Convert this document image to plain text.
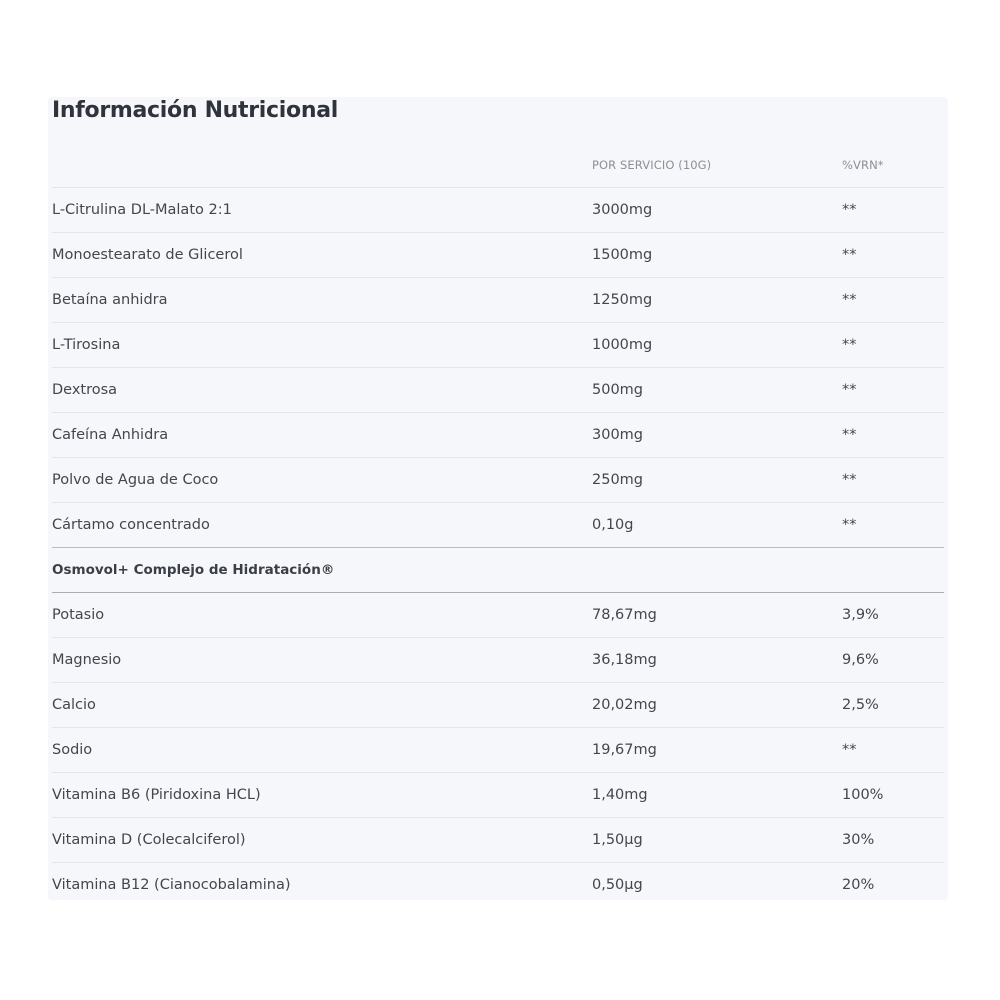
Información Nutricional
	POR SERVICIO (10G)	%VRN*
L-Citrulina DL-Malato 2:1	3000mg	**
Monoestearato de Glicerol	1500mg	**
Betaína anhidra	1250mg	**
L-Tirosina	1000mg	**
Dextrosa	500mg	**
Cafeína Anhidra	300mg	**
Polvo de Agua de Coco	250mg	**
Cártamo concentrado	0,10g	**
Osmovol+ Complejo de Hidratación®		
Potasio	78,67mg	3,9%
Magnesio	36,18mg	9,6%
Calcio	20,02mg	2,5%
Sodio	19,67mg	**
Vitamina B6 (Piridoxina HCL)	1,40mg	100%
Vitamina D (Colecalciferol)	1,50µg	30%
Vitamina B12 (Cianocobalamina)	0,50µg	20%
